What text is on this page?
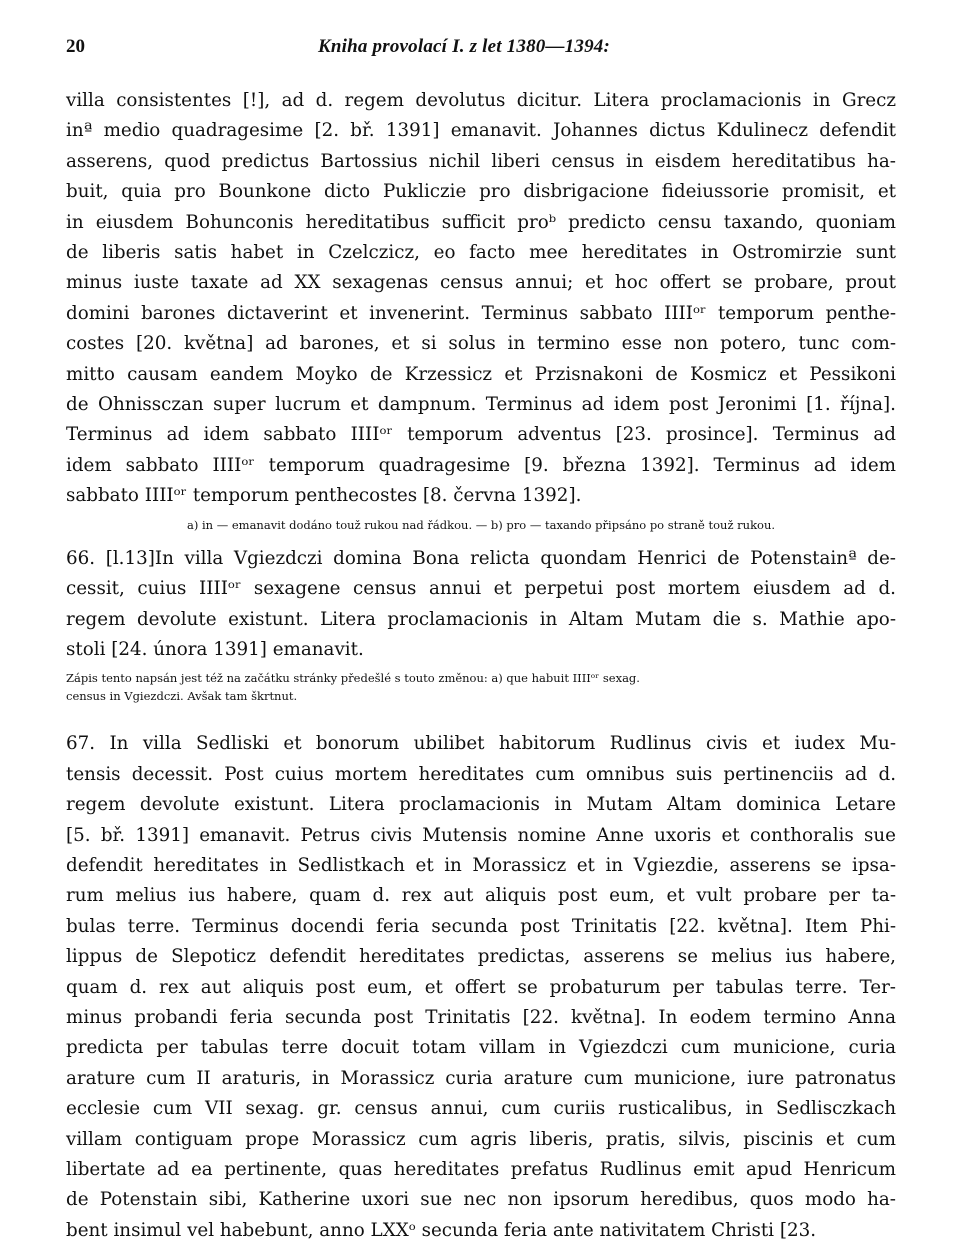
20	Kniha provolací I. z let 1380—1394:

villa consistentes [!], ad d. regem devolutus dicitur. Litera proclamacionis in Grecz
inª medio quadragesime [2. bř. 1391] emanavit. Johannes dictus Kdulinecz defendit
asserens, quod predictus Bartossius nichil liberi census in eisdem hereditatibus ha-
buit, quia pro Bounkone dicto Pukliczie pro disbrigacione fideiussorie promisit, et
in eiusdem Bohunconis hereditatibus sufficit proᵇ predicto censu taxando, quoniam
de liberis satis habet in Czelczicz, eo facto mee hereditates in Ostromirzie sunt
minus iuste taxate ad XX sexagenas census annui; et hoc offert se probare, prout
domini barones dictaverint et invenerint. Terminus sabbato IIIIᵒʳ temporum penthe-
costes [20. května] ad barones, et si solus in termino esse non potero, tunc com-
mitto causam eandem Moyko de Krzessicz et Przisnakoni de Kosmicz et Pessikoni
de Ohnissczan super lucrum et dampnum. Terminus ad idem post Jeronimi [1. října].
Terminus ad idem sabbato IIIIᵒʳ temporum adventus [23. prosince]. Terminus ad
idem sabbato IIIIᵒʳ temporum quadragesime [9. března 1392]. Terminus ad idem
sabbato IIIIᵒʳ temporum penthecostes [8. června 1392].

a) in — emanavit dodáno touž rukou nad řádkou. — b) pro — taxando připsáno po straně touž rukou.

66. [l.13]In villa Vgiezdczi domina Bona relicta quondam Henrici de Potenstainª de-
cessit, cuius IIIIᵒʳ sexagene census annui et perpetui post mortem eiusdem ad d.
regem devolute existunt. Litera proclamacionis in Altam Mutam die s. Mathie apo-
stoli [24. února 1391] emanavit.

Zápis tento napsán jest též na začátku stránky předešlé s touto změnou: a) que habuit IIIIᵒʳ sexag.
census in Vgiezdczi. Avšak tam škrtnut.

67. In villa Sedliski et bonorum ubilibet habitorum Rudlinus civis et iudex Mu-
tensis decessit. Post cuius mortem hereditates cum omnibus suis pertinenciis ad d.
regem devolute existunt. Litera proclamacionis in Mutam Altam dominica Letare
[5. bř. 1391] emanavit. Petrus civis Mutensis nomine Anne uxoris et conthoralis sue
defendit hereditates in Sedlistkach et in Morassicz et in Vgiezdie, asserens se ipsa-
rum melius ius habere, quam d. rex aut aliquis post eum, et vult probare per ta-
bulas terre. Terminus docendi feria secunda post Trinitatis [22. května]. Item Phi-
lippus de Slepoticz defendit hereditates predictas, asserens se melius ius habere,
quam d. rex aut aliquis post eum, et offert se probaturum per tabulas terre. Ter-
minus probandi feria secunda post Trinitatis [22. května]. In eodem termino Anna
predicta per tabulas terre docuit totam villam in Vgiezdczi cum municione, curia
arature cum II araturis, in Morassicz curia arature cum municione, iure patronatus
ecclesie cum VII sexag. gr. census annui, cum curiis rusticalibus, in Sedlisczkach
villam contiguam prope Morassicz cum agris liberis, pratis, silvis, piscinis et cum
libertate ad ea pertinente, quas hereditates prefatus Rudlinus emit apud Henricum
de Potenstain sibi, Katherine uxori sue nec non ipsorum heredibus, quos modo ha-
bent insimul vel habebunt, anno LXXᵒ secunda feria ante nativitatem Christi [23.
